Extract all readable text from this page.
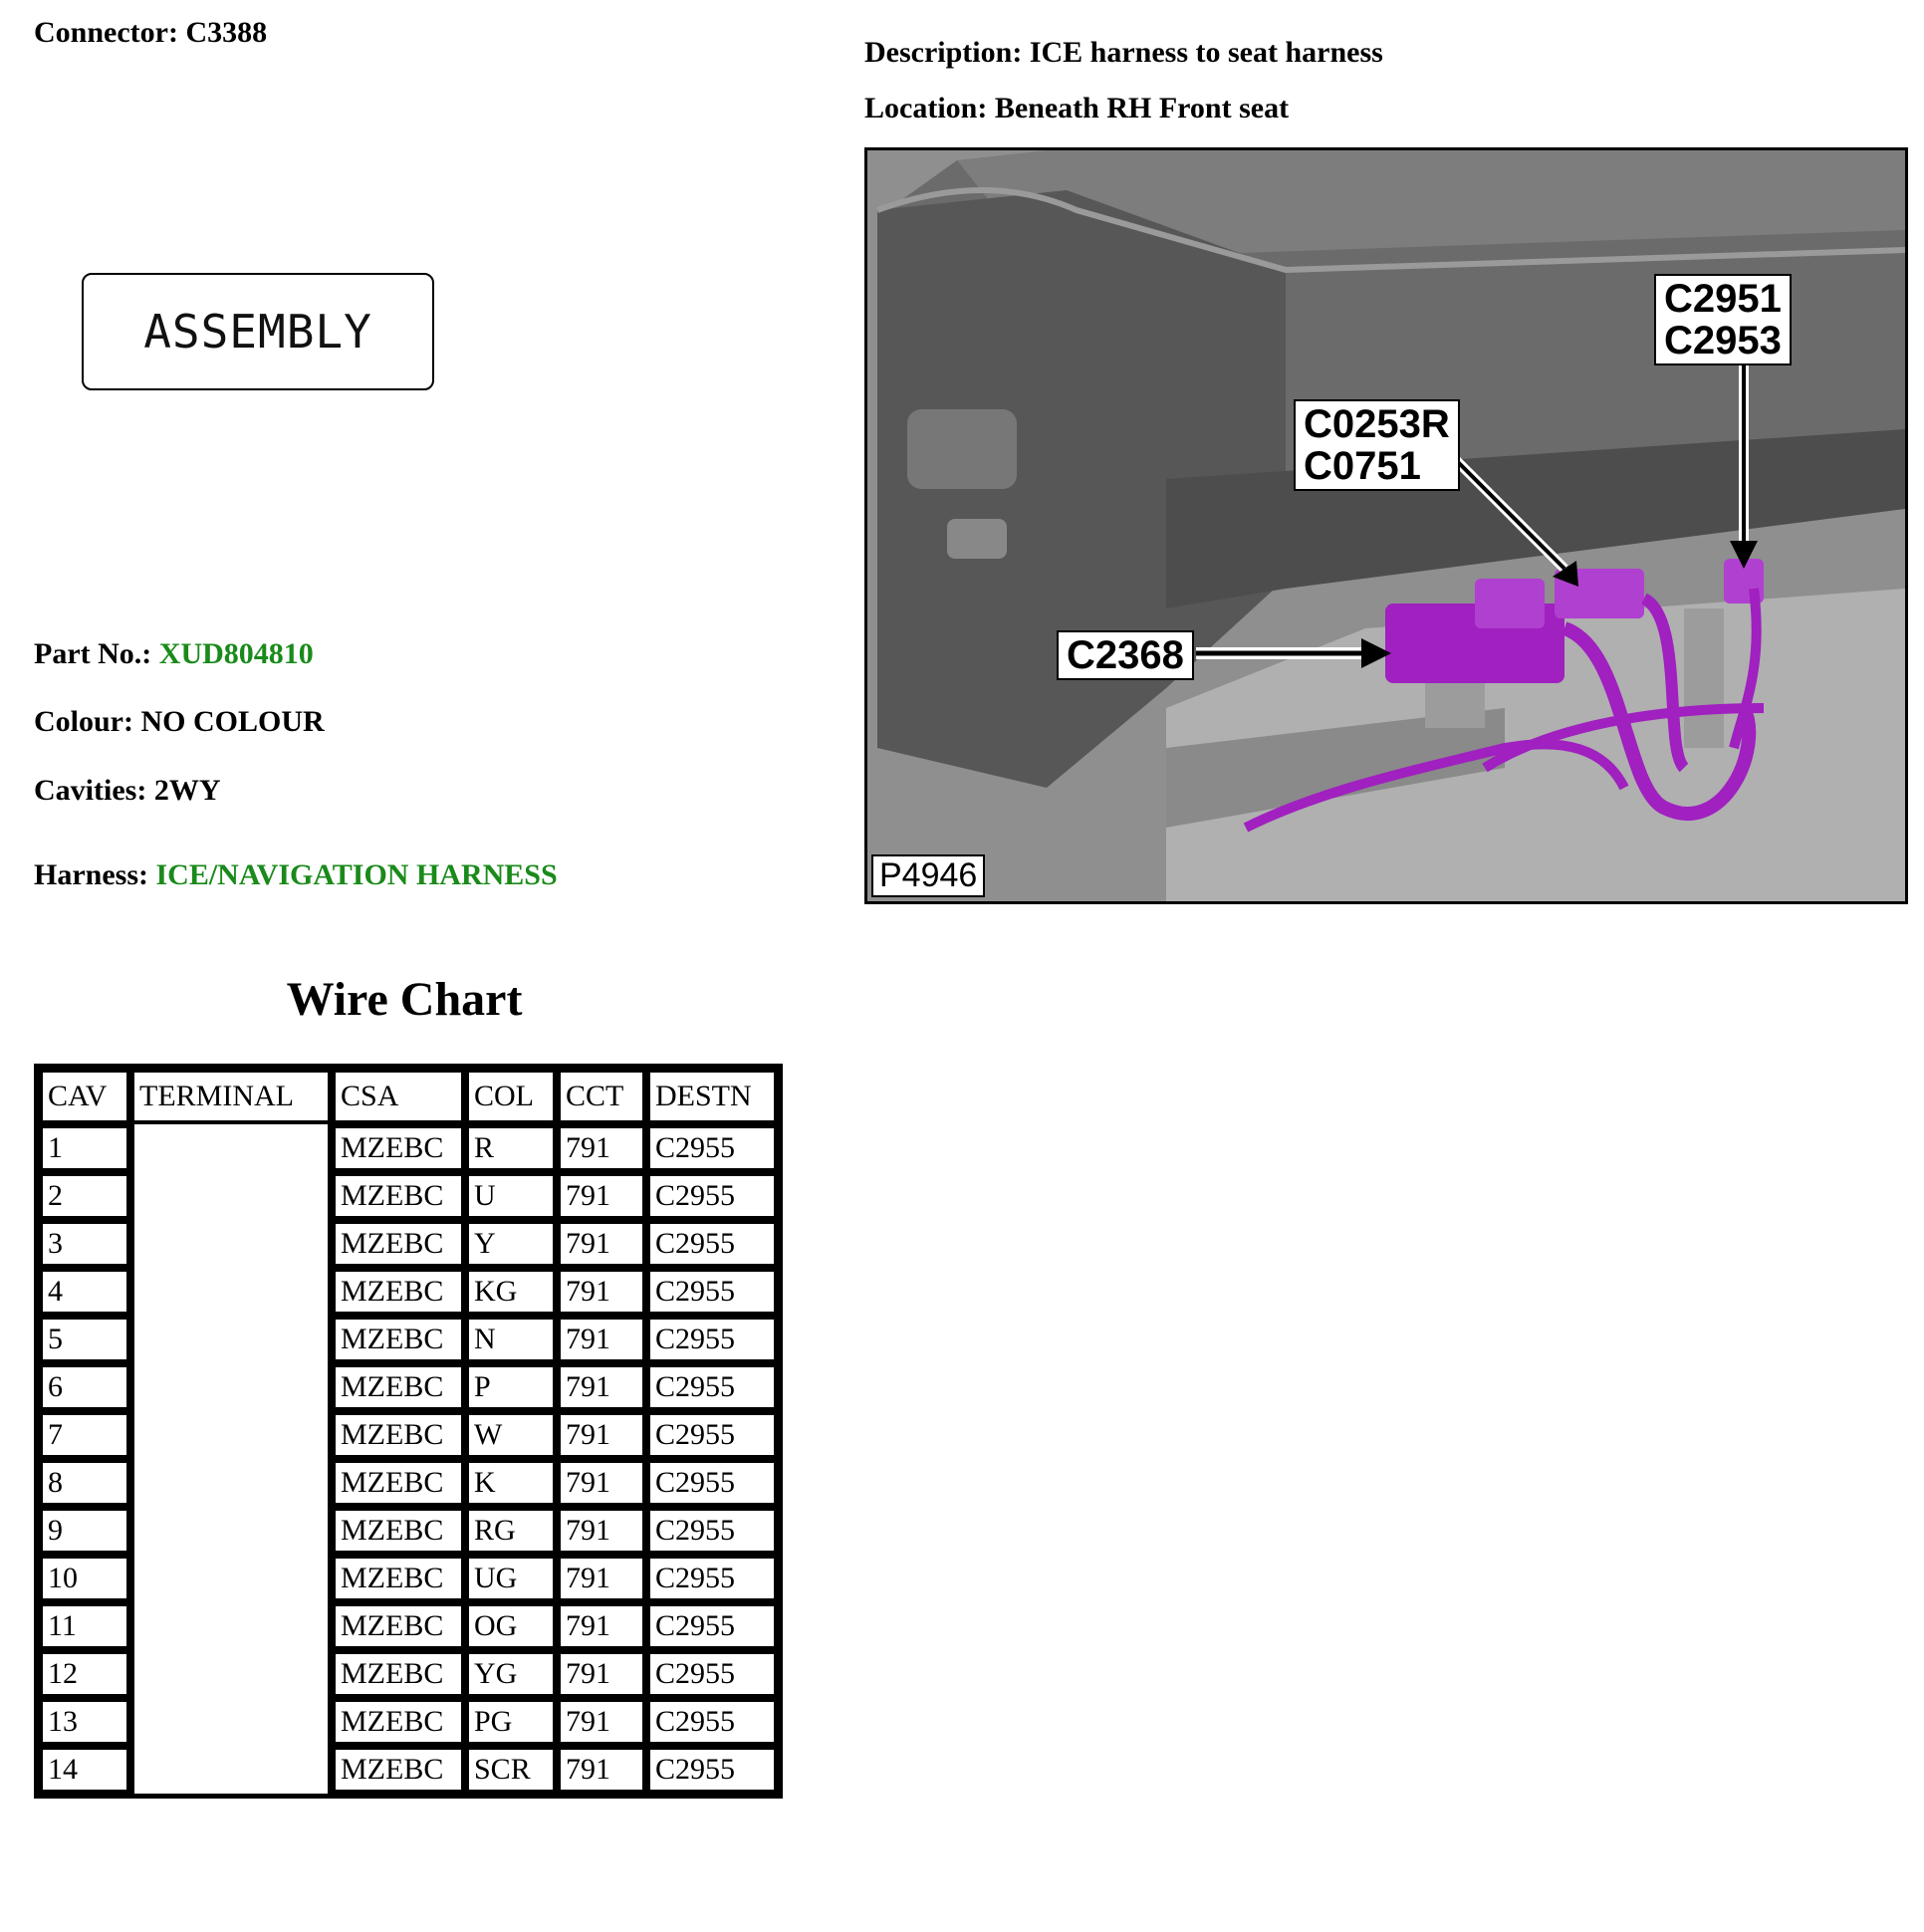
Connector: C3388
Description: ICE harness to seat harness
Location: Beneath RH Front seat
ASSEMBLY
Part No.: XUD804810
Colour: NO COLOUR
Cavities: 2WY
Harness: ICE/NAVIGATION HARNESS
C2951
C2953
C0253R
C0751
C2368
P4946
Wire Chart
CAV	TERMINAL	CSA	COL	CCT	DESTN
1		MZEBC	R	791	C2955
2		MZEBC	U	791	C2955
3		MZEBC	Y	791	C2955
4		MZEBC	KG	791	C2955
5		MZEBC	N	791	C2955
6		MZEBC	P	791	C2955
7		MZEBC	W	791	C2955
8		MZEBC	K	791	C2955
9		MZEBC	RG	791	C2955
10		MZEBC	UG	791	C2955
11		MZEBC	OG	791	C2955
12		MZEBC	YG	791	C2955
13		MZEBC	PG	791	C2955
14		MZEBC	SCR	791	C2955
